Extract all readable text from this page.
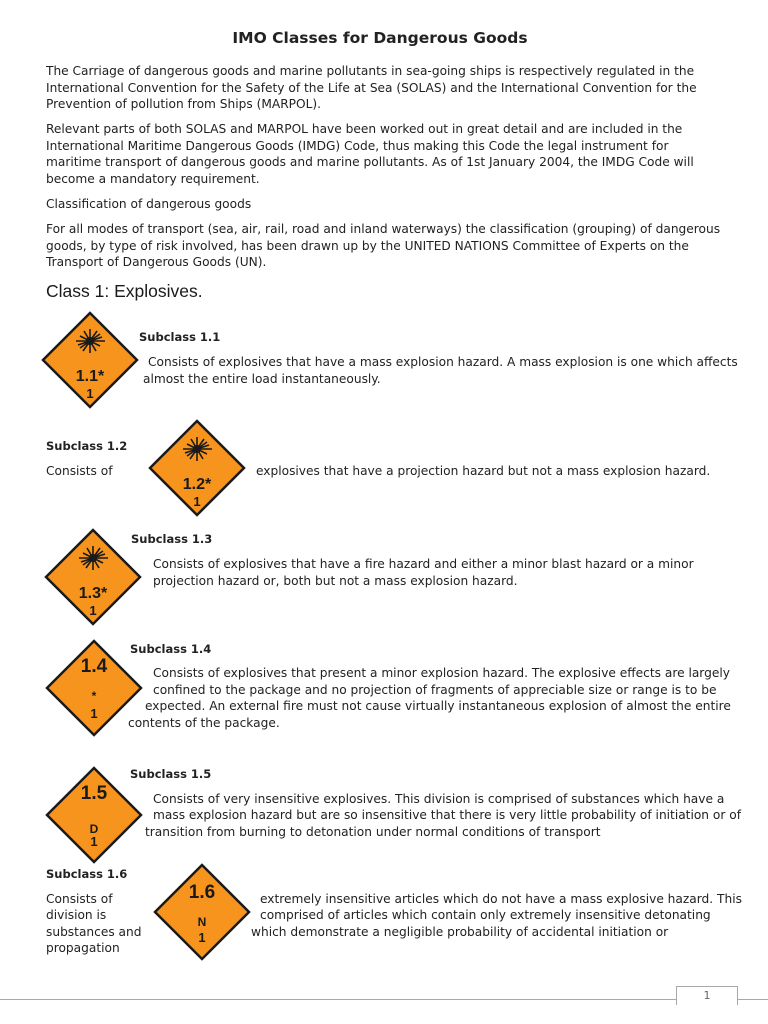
IMO Classes for Dangerous Goods
The Carriage of dangerous goods and marine pollutants in sea-going ships is respectively regulated in the International Convention for the Safety of the Life at Sea (SOLAS) and the International Convention for the Prevention of pollution from Ships (MARPOL).
Relevant parts of both SOLAS and MARPOL have been worked out in great detail and are included in the International Maritime Dangerous Goods (IMDG) Code, thus making this Code the legal instrument for maritime transport of dangerous goods and marine pollutants. As of 1st January 2004, the IMDG Code will become a mandatory requirement.
Classification of dangerous goods
For all modes of transport (sea, air, rail, road and inland waterways) the classification (grouping) of dangerous goods, by type of risk involved, has been drawn up by the UNITED NATIONS Committee of Experts on the Transport of Dangerous Goods (UN).
Class 1: Explosives.
1.1*
1
Subclass 1.1
Consists of explosives that have a mass explosion hazard. A mass explosion is one which affects
almost the entire load instantaneously.
Subclass 1.2
Consists of
1.2*
1
explosives that have a projection hazard but not a mass explosion hazard.
1.3*
1
Subclass 1.3
Consists of explosives that have a fire hazard and either a minor blast hazard or a minor
projection hazard or, both but not a mass explosion hazard.
1.4
*
1
Subclass 1.4
Consists of explosives that present a minor explosion hazard. The explosive effects are largely
confined to the package and no projection of fragments of appreciable size or range is to be
expected. An external fire must not cause virtually instantaneous explosion of almost the entire
contents of the package.
1.5
D
1
Subclass 1.5
Consists of very insensitive explosives. This division is comprised of substances which have a
mass explosion hazard but are so insensitive that there is very little probability of initiation or of
transition from burning to detonation under normal conditions of transport
Subclass 1.6
Consists of
division is
substances and
propagation
1.6
N
1
extremely insensitive articles which do not have a mass explosive hazard. This
comprised of articles which contain only extremely insensitive detonating
which demonstrate a negligible probability of accidental initiation or
1
